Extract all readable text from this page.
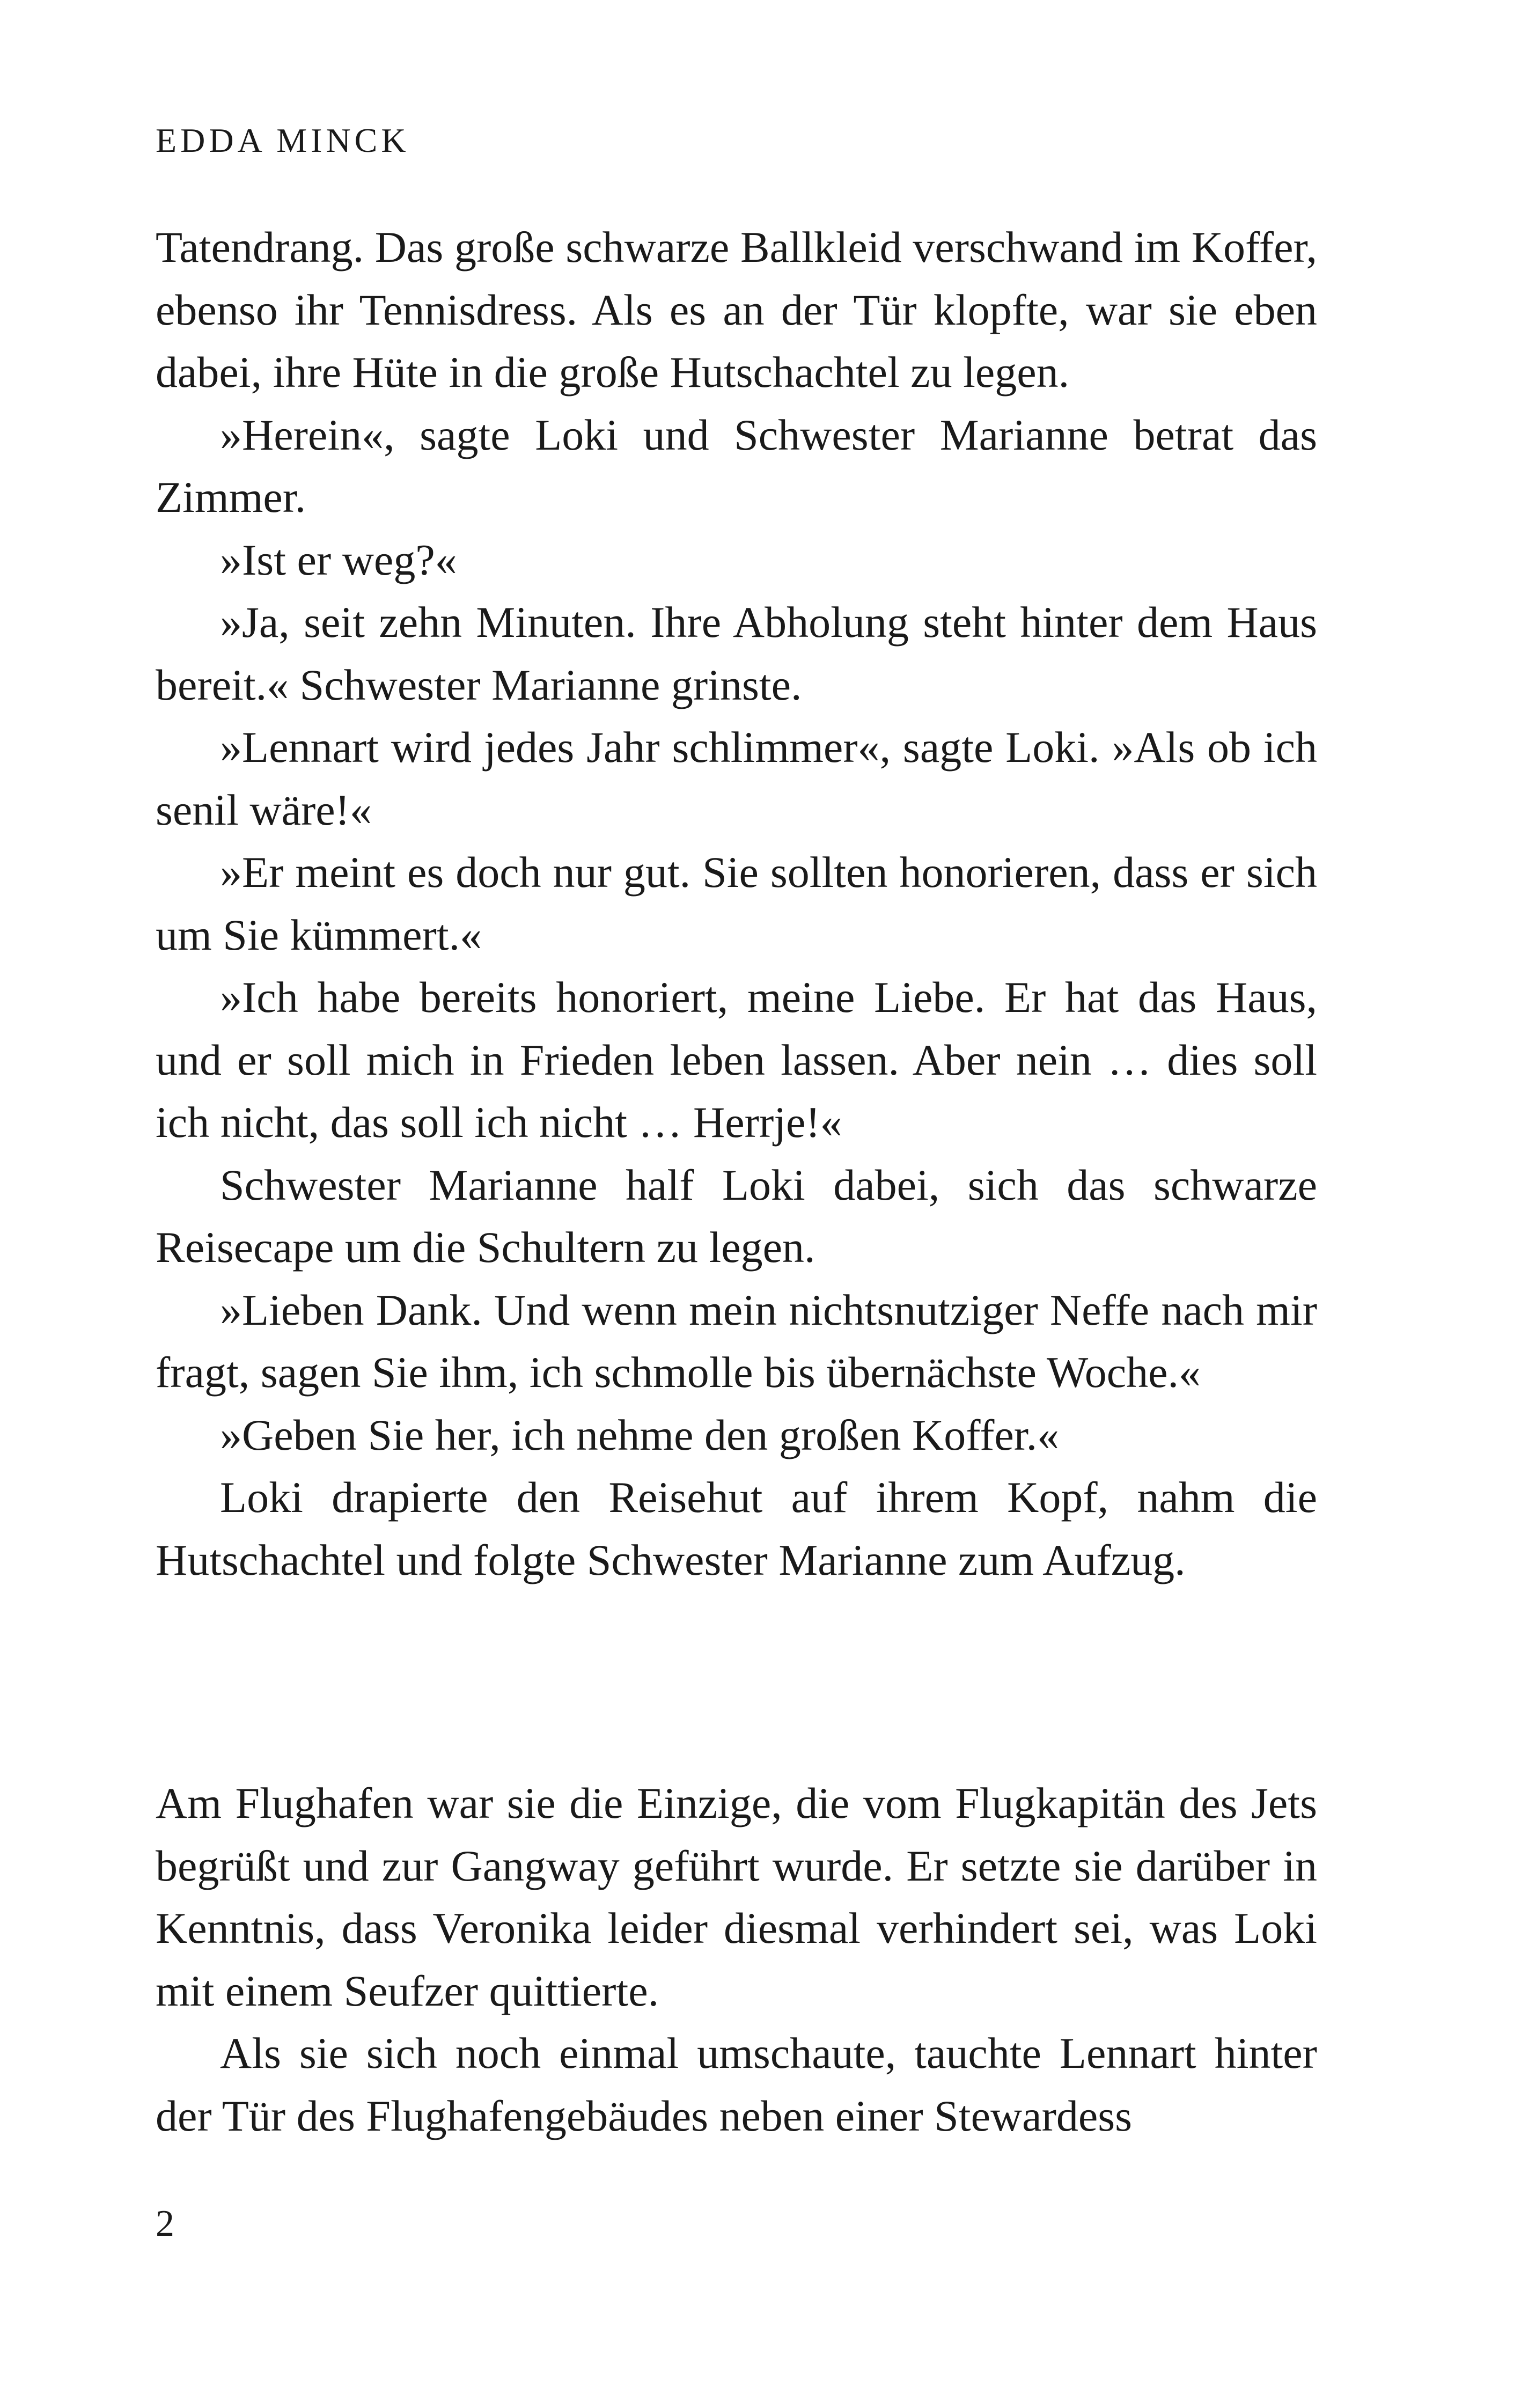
EDDA MINCK

Tatendrang. Das große schwarze Ballkleid verschwand im Koffer, ebenso ihr Tennisdress. Als es an der Tür klopfte, war sie eben dabei, ihre Hüte in die große Hutschachtel zu legen.

»Herein«, sagte Loki und Schwester Marianne betrat das Zimmer.

»Ist er weg?«

»Ja, seit zehn Minuten. Ihre Abholung steht hinter dem Haus bereit.« Schwester Marianne grinste.

»Lennart wird jedes Jahr schlimmer«, sagte Loki. »Als ob ich senil wäre!«

»Er meint es doch nur gut. Sie sollten honorieren, dass er sich um Sie kümmert.«

»Ich habe bereits honoriert, meine Liebe. Er hat das Haus, und er soll mich in Frieden leben lassen. Aber nein … dies soll ich nicht, das soll ich nicht … Herrje!«

Schwester Marianne half Loki dabei, sich das schwarze Reisecape um die Schultern zu legen.

»Lieben Dank. Und wenn mein nichtsnutziger Neffe nach mir fragt, sagen Sie ihm, ich schmolle bis übernächste Woche.«

»Geben Sie her, ich nehme den großen Koffer.«

Loki drapierte den Reisehut auf ihrem Kopf, nahm die Hutschachtel und folgte Schwester Marianne zum Aufzug.

Am Flughafen war sie die Einzige, die vom Flugkapitän des Jets begrüßt und zur Gangway geführt wurde. Er setzte sie darüber in Kenntnis, dass Veronika leider diesmal verhindert sei, was Loki mit einem Seufzer quittierte.

Als sie sich noch einmal umschaute, tauchte Lennart hinter der Tür des Flughafengebäudes neben einer Stewardess

2
